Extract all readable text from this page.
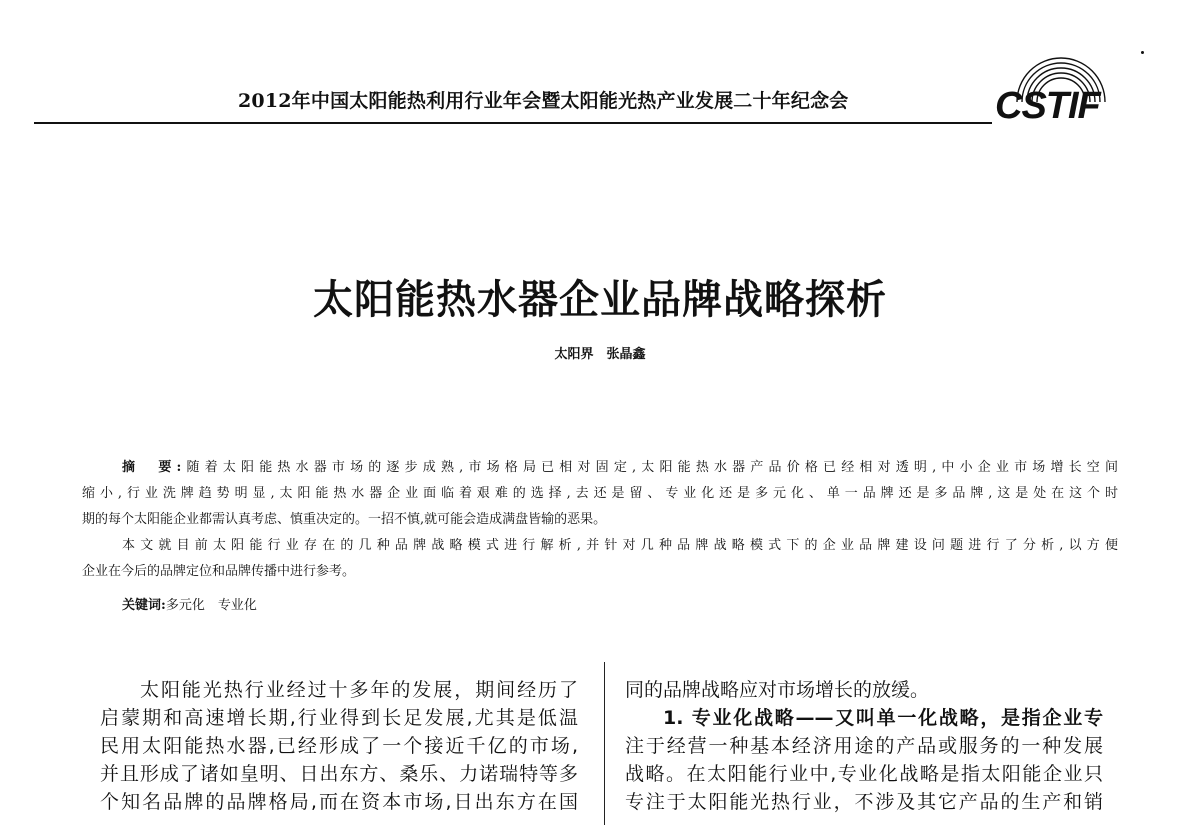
2012年中国太阳能热利用行业年会暨太阳能光热产业发展二十年纪念会	CSTIF
太阳能热水器企业品牌战略探析
太阳界　张晶鑫
摘　要:随着太阳能热水器市场的逐步成熟,市场格局已相对固定,太阳能热水器产品价格已经相对透明,中小企业市场增长空间
缩小,行业洗牌趋势明显,太阳能热水器企业面临着艰难的选择,去还是留、专业化还是多元化、单一品牌还是多品牌,这是处在这个时
期的每个太阳能企业都需认真考虑、慎重决定的。一招不慎,就可能会造成满盘皆输的恶果。
本文就目前太阳能行业存在的几种品牌战略模式进行解析,并针对几种品牌战略模式下的企业品牌建设问题进行了分析,以方便
企业在今后的品牌定位和品牌传播中进行参考。
关键词:多元化　专业化
太阳能光热行业经过十多年的发展，期间经历了
启蒙期和高速增长期,行业得到长足发展,尤其是低温
民用太阳能热水器,已经形成了一个接近千亿的市场,
并且形成了诸如皇明、日出东方、桑乐、力诺瑞特等多
个知名品牌的品牌格局,而在资本市场,日出东方在国
同的品牌战略应对市场增长的放缓。
1. 专业化战略——又叫单一化战略，是指企业专
注于经营一种基本经济用途的产品或服务的一种发展
战略。在太阳能行业中,专业化战略是指太阳能企业只
专注于太阳能光热行业，不涉及其它产品的生产和销
